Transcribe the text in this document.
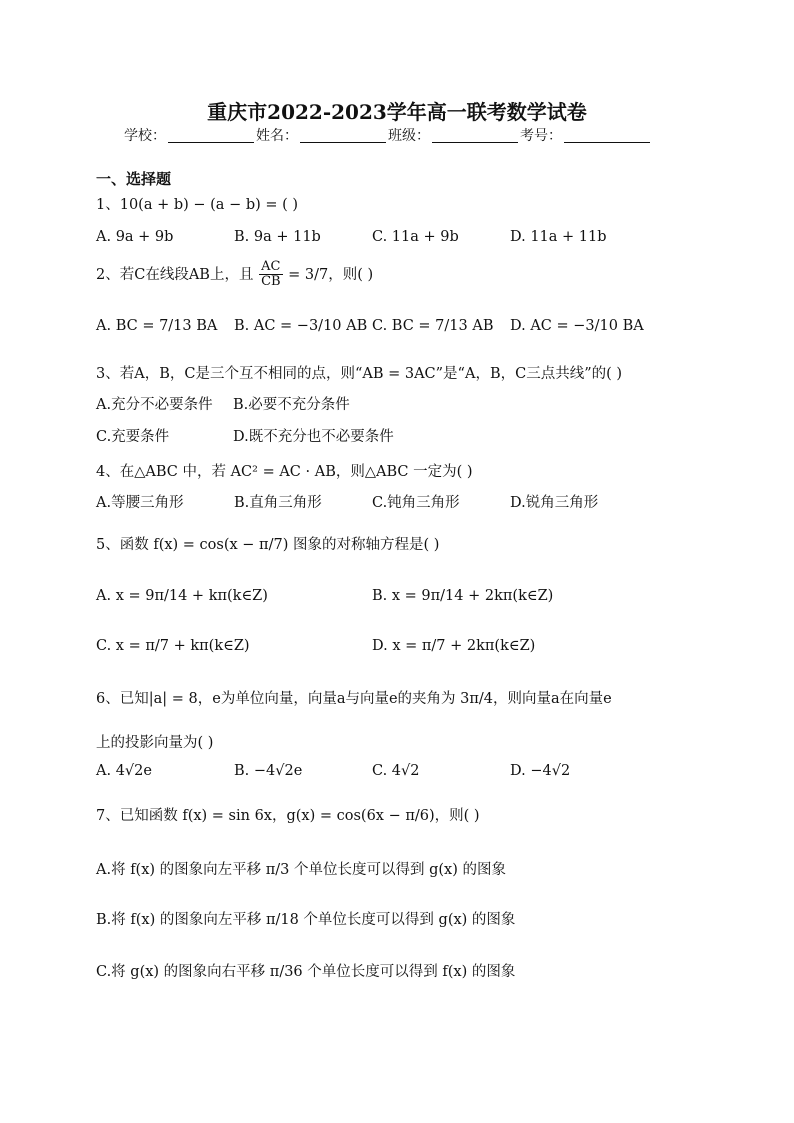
重庆市2022-2023学年高一联考数学试卷
学校：	姓名：	班级：	考号：
一、选择题
1、10(a + b) − (a − b) = ( )
A. 9a + 9b	B. 9a + 11b	C. 11a + 9b	D. 11a + 11b
2、若C在线段AB上，且 $\frac{AC}{CB} = 3/7$，则( )
A. BC = 7/13 BA B. AC = −3/10 AB C. BC = 7/13 AB D. AC = −3/10 BA
3、若A，B，C是三个互不相同的点，则“AB = 3AC”是“A，B，C三点共线”的( )
A.充分不必要条件 B.必要不充分条件
C.充要条件	D.既不充分也不必要条件
4、在△ABC 中，若 AC² = AC · AB，则△ABC 一定为( )
A.等腰三角形	B.直角三角形	C.钝角三角形	D.锐角三角形
5、函数 f(x) = cos(x − π/7) 图象的对称轴方程是( )
A. x = 9π/14 + kπ(k∈Z)	B. x = 9π/14 + 2kπ(k∈Z)
C. x = π/7 + kπ(k∈Z)	D. x = π/7 + 2kπ(k∈Z)
6、已知|a| = 8，e为单位向量，向量a与向量e的夹角为 3π/4，则向量a在向量e
上的投影向量为( )
A. 4√2e	B. −4√2e	C. 4√2	D. −4√2
7、已知函数 f(x) = sin 6x，g(x) = cos(6x − π/6)，则( )
A.将 f(x) 的图象向左平移 π/3 个单位长度可以得到 g(x) 的图象
B.将 f(x) 的图象向左平移 π/18 个单位长度可以得到 g(x) 的图象
C.将 g(x) 的图象向右平移 π/36 个单位长度可以得到 f(x) 的图象
